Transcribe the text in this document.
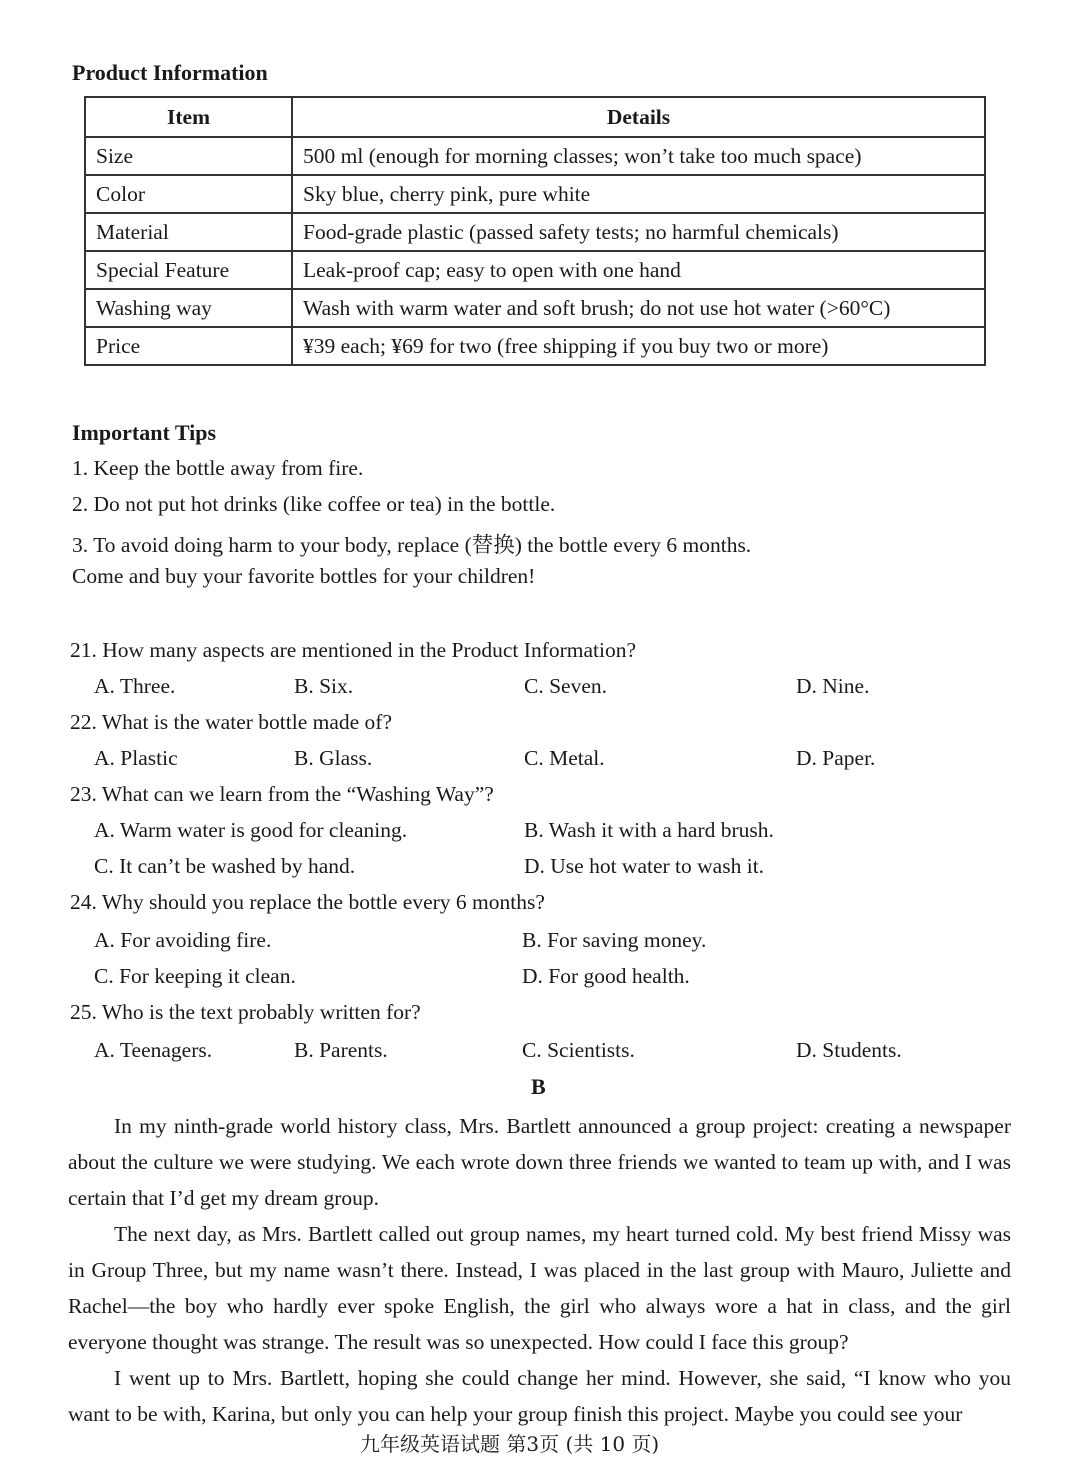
Product Information
Item	Details
Size	500 ml (enough for morning classes; won’t take too much space)
Color	Sky blue, cherry pink, pure white
Material	Food-grade plastic (passed safety tests; no harmful chemicals)
Special Feature	Leak-proof cap; easy to open with one hand
Washing way	Wash with warm water and soft brush; do not use hot water (>60°C)
Price	¥39 each; ¥69 for two (free shipping if you buy two or more)
Important Tips
1. Keep the bottle away from fire.
2. Do not put hot drinks (like coffee or tea) in the bottle.
3. To avoid doing harm to your body, replace (替换) the bottle every 6 months.
Come and buy your favorite bottles for your children!
21. How many aspects are mentioned in the Product Information?
A. Three.	B. Six.	C. Seven.	D. Nine.
22. What is the water bottle made of?
A. Plastic	B. Glass.	C. Metal.	D. Paper.
23. What can we learn from the “Washing Way”?
A. Warm water is good for cleaning.	B. Wash it with a hard brush.
C. It can’t be washed by hand.	D. Use hot water to wash it.
24. Why should you replace the bottle every 6 months?
A. For avoiding fire.	B. For saving money.
C. For keeping it clean.	D. For good health.
25. Who is the text probably written for?
A. Teenagers.	B. Parents.	C. Scientists.	D. Students.
B
In my ninth-grade world history class, Mrs. Bartlett announced a group project: creating a newspaper about the culture we were studying. We each wrote down three friends we wanted to team up with, and I was certain that I’d get my dream group.
The next day, as Mrs. Bartlett called out group names, my heart turned cold. My best friend Missy was in Group Three, but my name wasn’t there. Instead, I was placed in the last group with Mauro, Juliette and Rachel—the boy who hardly ever spoke English, the girl who always wore a hat in class, and the girl everyone thought was strange. The result was so unexpected. How could I face this group?
I went up to Mrs. Bartlett, hoping she could change her mind. However, she said, “I know who you want to be with, Karina, but only you can help your group finish this project. Maybe you could see your
九年级英语试题 第3页 (共 10 页)
